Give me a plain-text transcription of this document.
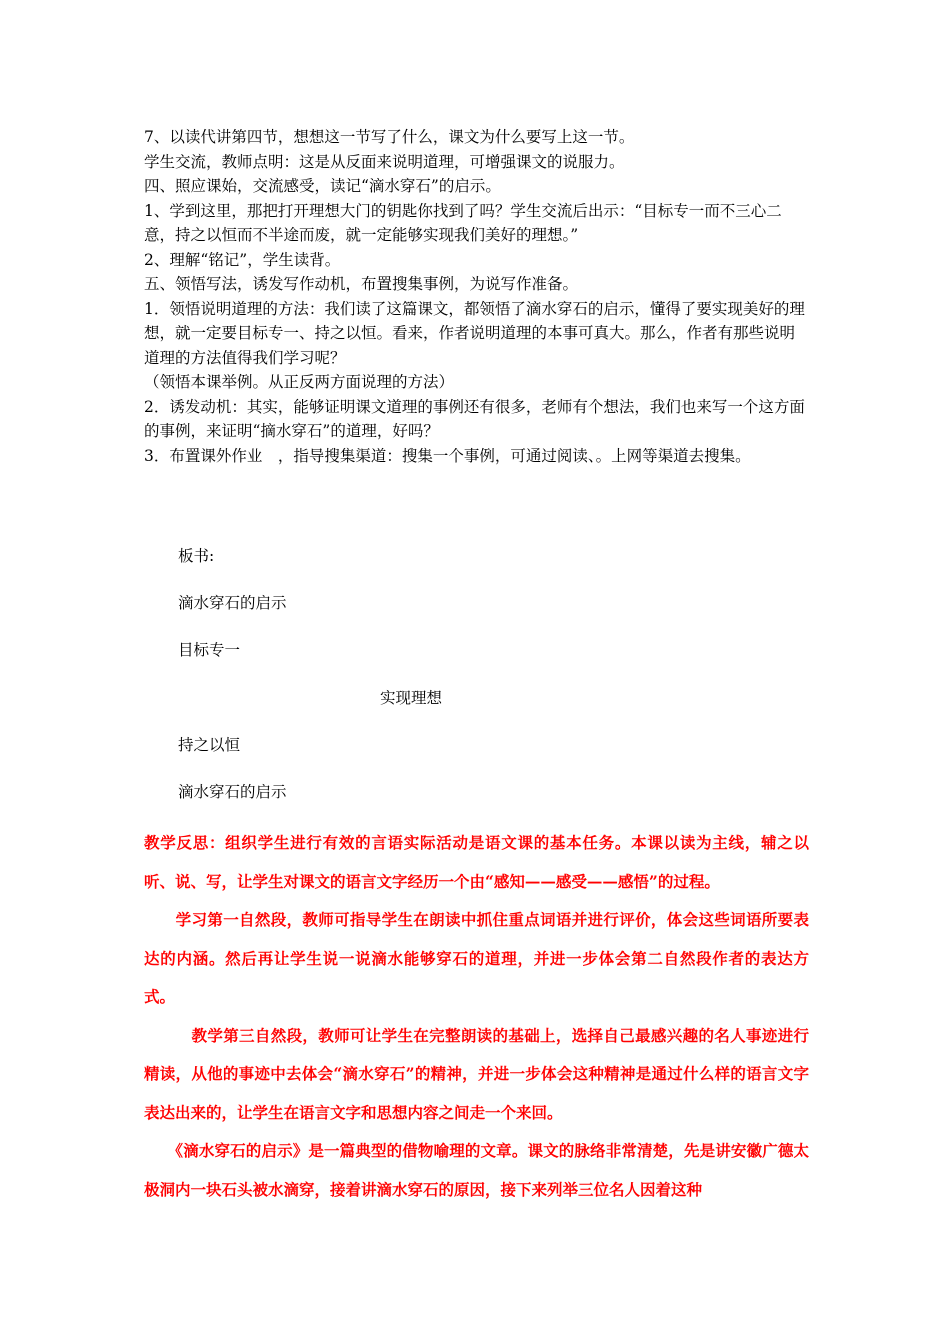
7、以读代讲第四节，想想这一节写了什么，课文为什么要写上这一节。

学生交流，教师点明：这是从反面来说明道理，可增强课文的说服力。

四、照应课始，交流感受，读记“滴水穿石”的启示。

1、学到这里，那把打开理想大门的钥匙你找到了吗？学生交流后出示：“目标专一而不三心二意，持之以恒而不半途而废，就一定能够实现我们美好的理想。”

2、理解“铭记”，学生读背。

五、领悟写法，诱发写作动机，布置搜集事例，为说写作准备。

1．领悟说明道理的方法：我们读了这篇课文，都领悟了滴水穿石的启示，懂得了要实现美好的理想，就一定要目标专一、持之以恒。看来，作者说明道理的本事可真大。那么，作者有那些说明道理的方法值得我们学习呢？

（领悟本课举例。从正反两方面说理的方法）

2．诱发动机：其实，能够证明课文道理的事例还有很多，老师有个想法，我们也来写一个这方面的事例，来证明“摘水穿石”的道理，好吗？

3．布置课外作业　，指导搜集渠道：搜集一个事例，可通过阅读、。上网等渠道去搜集。

板书:

滴水穿石的启示

目标专一

实现理想

持之以恒

滴水穿石的启示

教学反思：组织学生进行有效的言语实际活动是语文课的基本任务。本课以读为主线，辅之以听、说、写，让学生对课文的语言文字经历一个由“感知——感受——感悟”的过程。

　　学习第一自然段，教师可指导学生在朗读中抓住重点词语并进行评价，体会这些词语所要表达的内涵。然后再让学生说一说滴水能够穿石的道理，并进一步体会第二自然段作者的表达方式。

　　　教学第三自然段，教师可让学生在完整朗读的基础上，选择自己最感兴趣的名人事迹进行精读，从他的事迹中去体会“滴水穿石”的精神，并进一步体会这种精神是通过什么样的语言文字表达出来的，让学生在语言文字和思想内容之间走一个来回。

　　《滴水穿石的启示》是一篇典型的借物喻理的文章。课文的脉络非常清楚，先是讲安徽广德太极洞内一块石头被水滴穿，接着讲滴水穿石的原因，接下来列举三位名人因着这种
